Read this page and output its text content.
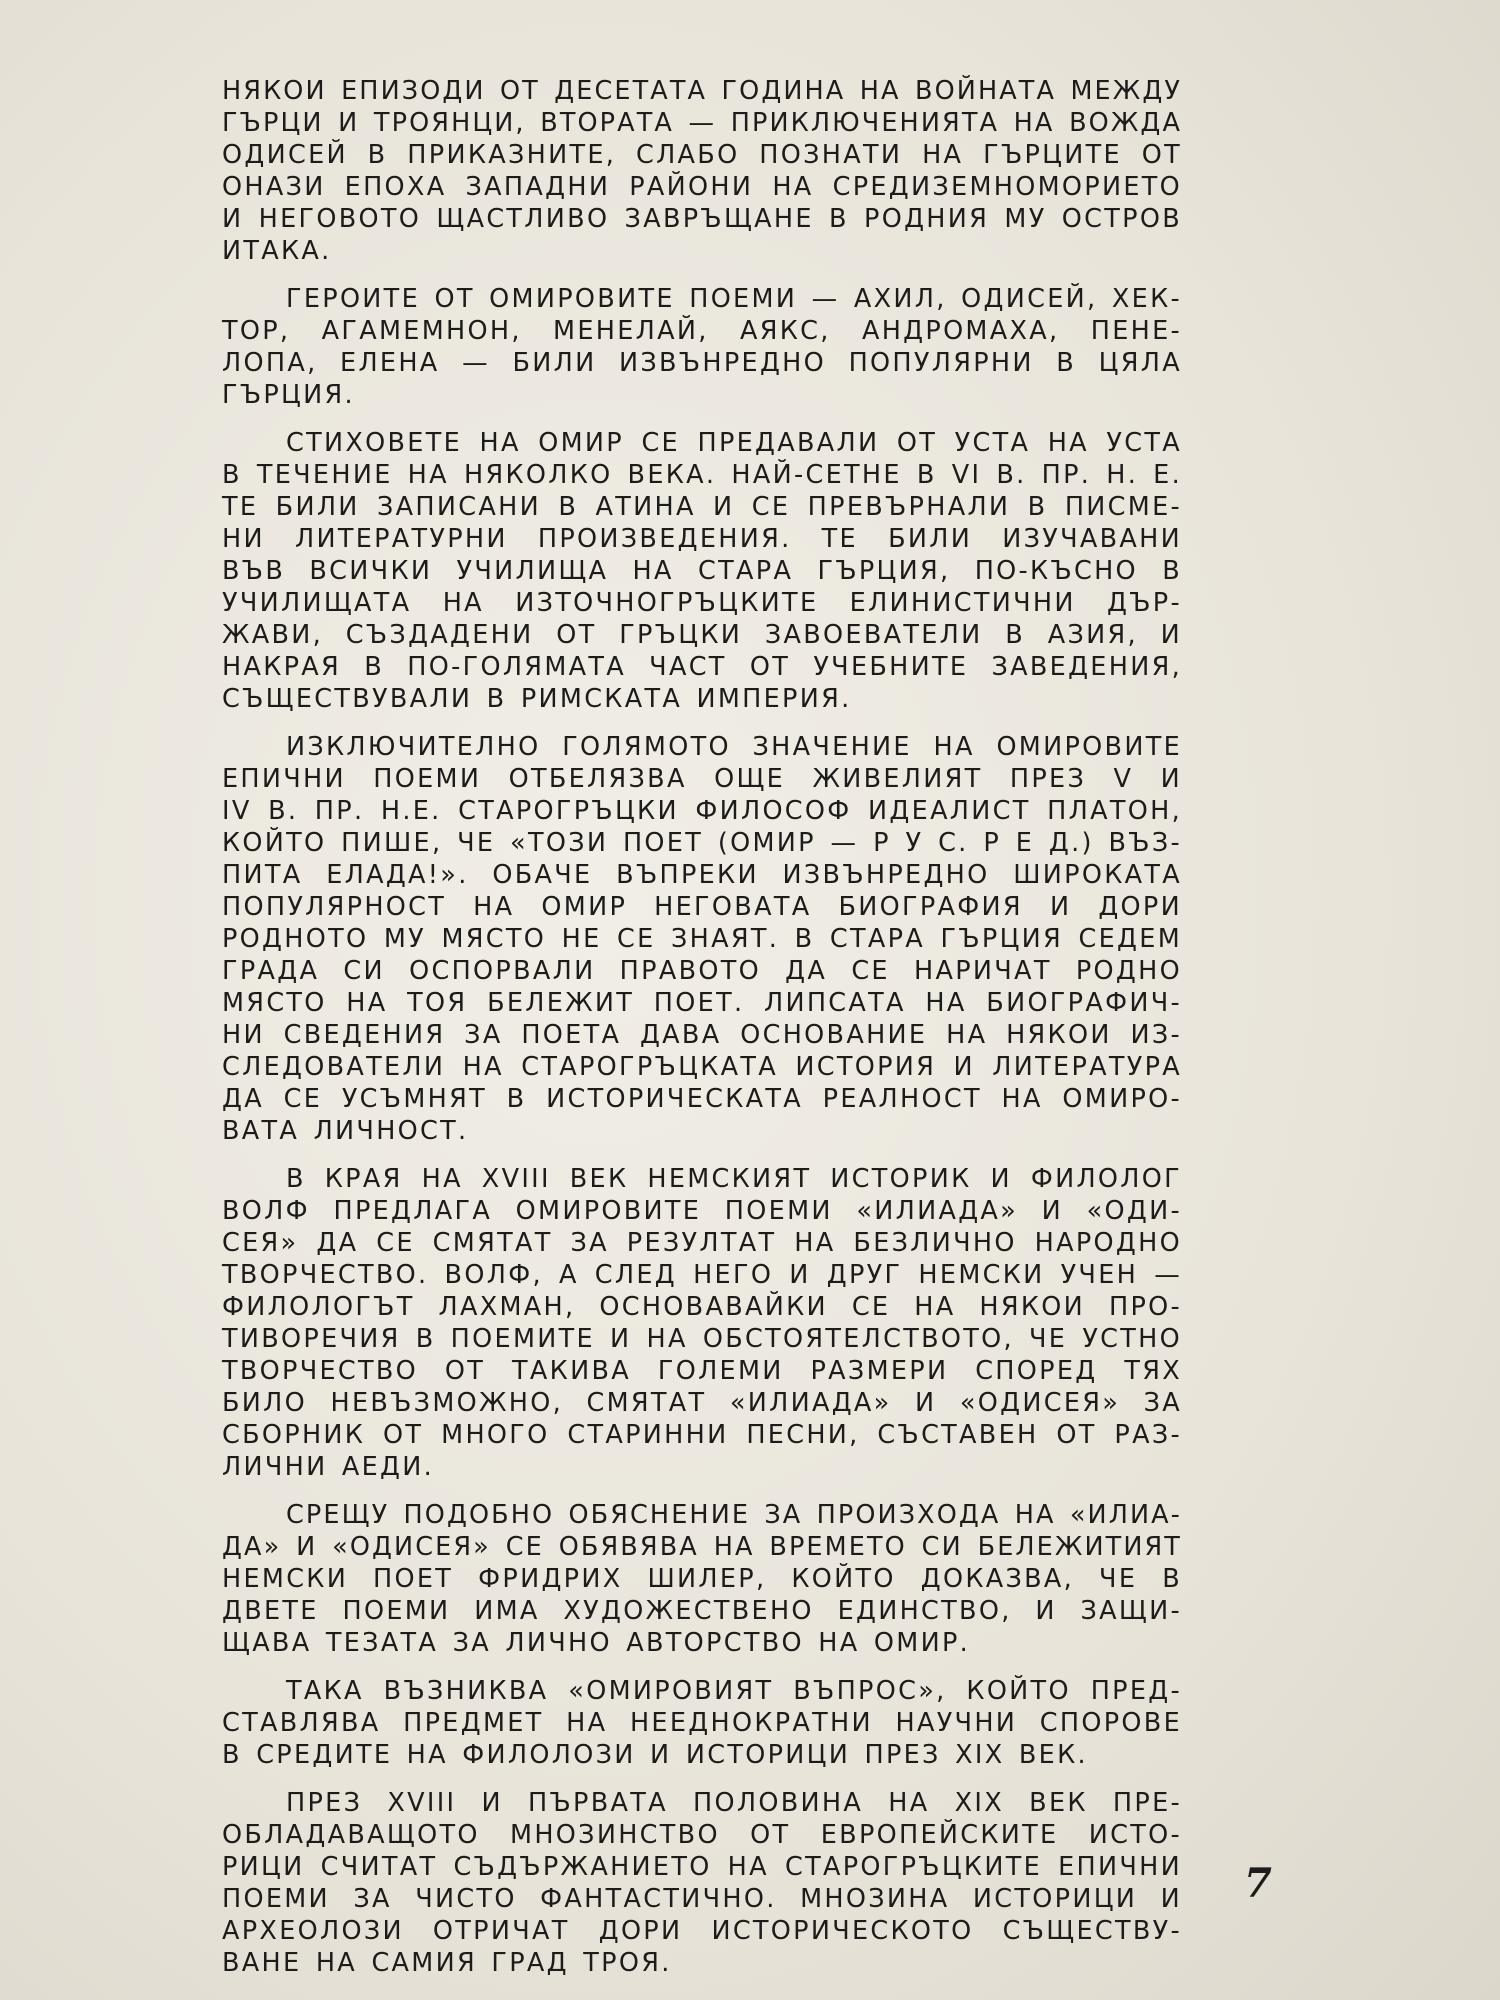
НЯКОИ ЕПИЗОДИ ОТ ДЕСЕТАТА ГОДИНА НА ВОЙНАТА МЕЖДУ
ГЪРЦИ И ТРОЯНЦИ, ВТОРАТА — ПРИКЛЮЧЕНИЯТА НА ВОЖДА
ОДИСЕЙ В ПРИКАЗНИТЕ, СЛАБО ПОЗНАТИ НА ГЪРЦИТЕ ОТ
ОНАЗИ ЕПОХА ЗАПАДНИ РАЙОНИ НА СРЕДИЗЕМНОМОРИЕТО
И НЕГОВОТО ЩАСТЛИВО ЗАВРЪЩАНЕ В РОДНИЯ МУ ОСТРОВ
ИТАКА.
ГЕРОИТЕ ОТ ОМИРОВИТЕ ПОЕМИ — АХИЛ, ОДИСЕЙ, ХЕК-
ТОР, АГАМЕМНОН, МЕНЕЛАЙ, АЯКС, АНДРОМАХА, ПЕНЕ-
ЛОПА, ЕЛЕНА — БИЛИ ИЗВЪНРЕДНО ПОПУЛЯРНИ В ЦЯЛА
ГЪРЦИЯ.
СТИХОВЕТЕ НА ОМИР СЕ ПРЕДАВАЛИ ОТ УСТА НА УСТА
В ТЕЧЕНИЕ НА НЯКОЛКО ВЕКА. НАЙ-СЕТНЕ В VI В. ПР. Н. Е.
ТЕ БИЛИ ЗАПИСАНИ В АТИНА И СЕ ПРЕВЪРНАЛИ В ПИСМЕ-
НИ ЛИТЕРАТУРНИ ПРОИЗВЕДЕНИЯ. ТЕ БИЛИ ИЗУЧАВАНИ
ВЪВ ВСИЧКИ УЧИЛИЩА НА СТАРА ГЪРЦИЯ, ПО-КЪСНО В
УЧИЛИЩАТА НА ИЗТОЧНОГРЪЦКИТЕ ЕЛИНИСТИЧНИ ДЪР-
ЖАВИ, СЪЗДАДЕНИ ОТ ГРЪЦКИ ЗАВОЕВАТЕЛИ В АЗИЯ, И
НАКРАЯ В ПО-ГОЛЯМАТА ЧАСТ ОТ УЧЕБНИТЕ ЗАВЕДЕНИЯ,
СЪЩЕСТВУВАЛИ В РИМСКАТА ИМПЕРИЯ.
ИЗКЛЮЧИТЕЛНО ГОЛЯМОТО ЗНАЧЕНИЕ НА ОМИРОВИТЕ
ЕПИЧНИ ПОЕМИ ОТБЕЛЯЗВА ОЩЕ ЖИВЕЛИЯТ ПРЕЗ V И
IV В. ПР. Н.Е. СТАРОГРЪЦКИ ФИЛОСОФ ИДЕАЛИСТ ПЛАТОН,
КОЙТО ПИШЕ, ЧЕ «ТОЗИ ПОЕТ (ОМИР — Р У С. Р Е Д.) ВЪЗ-
ПИТА ЕЛАДА!». ОБАЧЕ ВЪПРЕКИ ИЗВЪНРЕДНО ШИРОКАТА
ПОПУЛЯРНОСТ НА ОМИР НЕГОВАТА БИОГРАФИЯ И ДОРИ
РОДНОТО МУ МЯСТО НЕ СЕ ЗНАЯТ. В СТАРА ГЪРЦИЯ СЕДЕМ
ГРАДА СИ ОСПОРВАЛИ ПРАВОТО ДА СЕ НАРИЧАТ РОДНО
МЯСТО НА ТОЯ БЕЛЕЖИТ ПОЕТ. ЛИПСАТА НА БИОГРАФИЧ-
НИ СВЕДЕНИЯ ЗА ПОЕТА ДАВА ОСНОВАНИЕ НА НЯКОИ ИЗ-
СЛЕДОВАТЕЛИ НА СТАРОГРЪЦКАТА ИСТОРИЯ И ЛИТЕРАТУРА
ДА СЕ УСЪМНЯТ В ИСТОРИЧЕСКАТА РЕАЛНОСТ НА ОМИРО-
ВАТА ЛИЧНОСТ.
В КРАЯ НА XVIII ВЕК НЕМСКИЯТ ИСТОРИК И ФИЛОЛОГ
ВОЛФ ПРЕДЛАГА ОМИРОВИТЕ ПОЕМИ «ИЛИАДА» И «ОДИ-
СЕЯ» ДА СЕ СМЯТАТ ЗА РЕЗУЛТАТ НА БЕЗЛИЧНО НАРОДНО
ТВОРЧЕСТВО. ВОЛФ, А СЛЕД НЕГО И ДРУГ НЕМСКИ УЧЕН —
ФИЛОЛОГЪТ ЛАХМАН, ОСНОВАВАЙКИ СЕ НА НЯКОИ ПРО-
ТИВОРЕЧИЯ В ПОЕМИТЕ И НА ОБСТОЯТЕЛСТВОТО, ЧЕ УСТНО
ТВОРЧЕСТВО ОТ ТАКИВА ГОЛЕМИ РАЗМЕРИ СПОРЕД ТЯХ
БИЛО НЕВЪЗМОЖНО, СМЯТАТ «ИЛИАДА» И «ОДИСЕЯ» ЗА
СБОРНИК ОТ МНОГО СТАРИННИ ПЕСНИ, СЪСТАВЕН ОТ РАЗ-
ЛИЧНИ АЕДИ.
СРЕЩУ ПОДОБНО ОБЯСНЕНИЕ ЗА ПРОИЗХОДА НА «ИЛИА-
ДА» И «ОДИСЕЯ» СЕ ОБЯВЯВА НА ВРЕМЕТО СИ БЕЛЕЖИТИЯТ
НЕМСКИ ПОЕТ ФРИДРИХ ШИЛЕР, КОЙТО ДОКАЗВА, ЧЕ В
ДВЕТЕ ПОЕМИ ИМА ХУДОЖЕСТВЕНО ЕДИНСТВО, И ЗАЩИ-
ЩАВА ТЕЗАТА ЗА ЛИЧНО АВТОРСТВО НА ОМИР.
ТАКА ВЪЗНИКВА «ОМИРОВИЯТ ВЪПРОС», КОЙТО ПРЕД-
СТАВЛЯВА ПРЕДМЕТ НА НЕЕДНОКРАТНИ НАУЧНИ СПОРОВЕ
В СРЕДИТЕ НА ФИЛОЛОЗИ И ИСТОРИЦИ ПРЕЗ XIX ВЕК.
ПРЕЗ XVIII И ПЪРВАТА ПОЛОВИНА НА XIX ВЕК ПРЕ-
ОБЛАДАВАЩОТО МНОЗИНСТВО ОТ ЕВРОПЕЙСКИТЕ ИСТО-
РИЦИ СЧИТАТ СЪДЪРЖАНИЕТО НА СТАРОГРЪЦКИТЕ ЕПИЧНИ
ПОЕМИ ЗА ЧИСТО ФАНТАСТИЧНО. МНОЗИНА ИСТОРИЦИ И
АРХЕОЛОЗИ ОТРИЧАТ ДОРИ ИСТОРИЧЕСКОТО СЪЩЕСТВУ-
ВАНЕ НА САМИЯ ГРАД ТРОЯ.
7
